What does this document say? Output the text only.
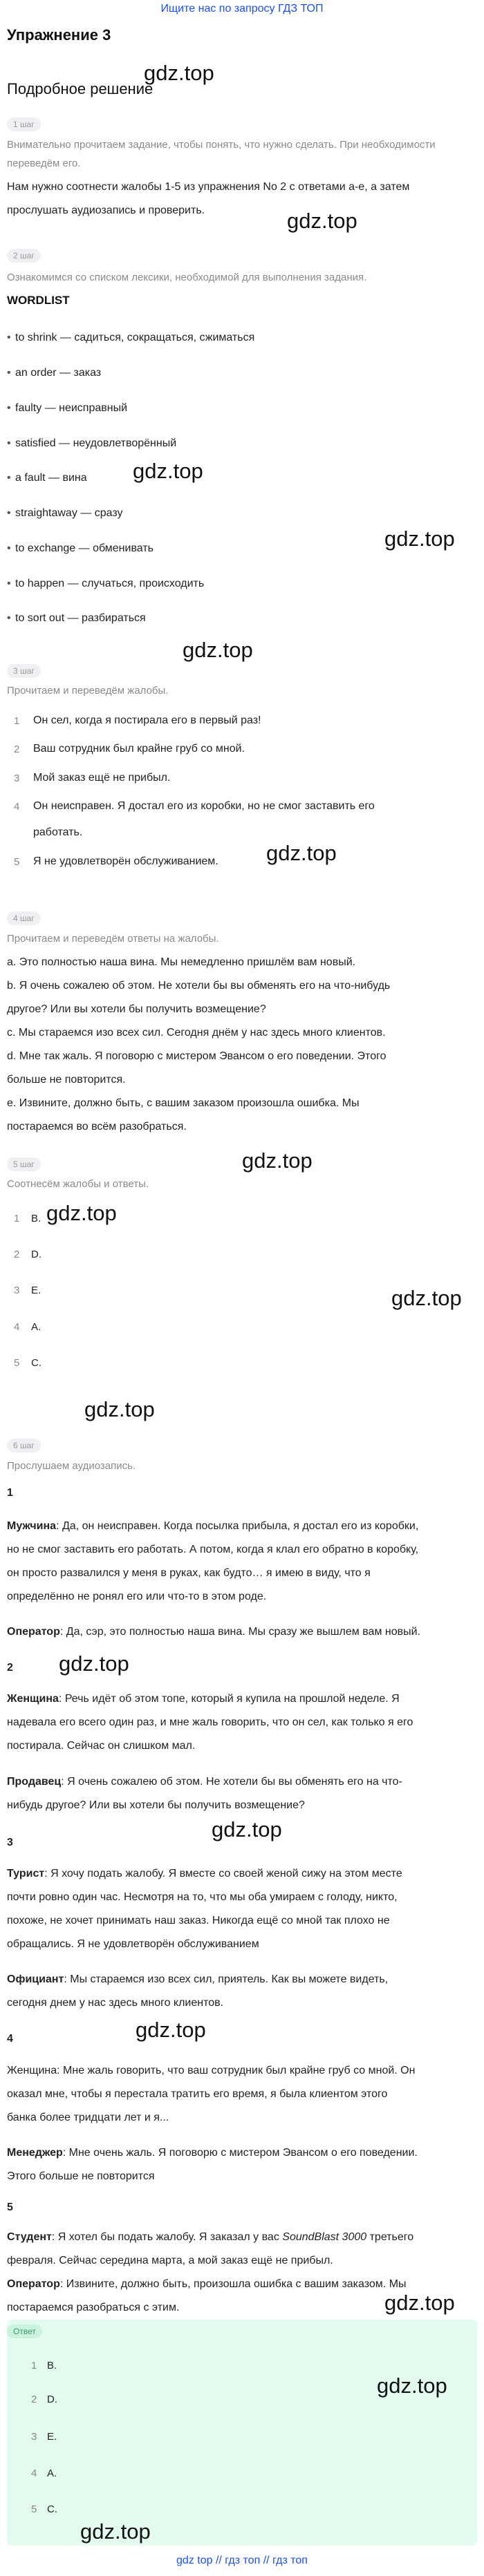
Ищите нас по запросу ГДЗ ТОП
Упражнение 3
gdz.top
Подробное решение
1 шаг
Внимательно прочитаем задание, чтобы понять, что нужно сделать. При необходимости
переведём его.
Нам нужно соотнести жалобы 1-5 из упражнения No 2 с ответами a-e, а затем
прослушать аудиозапись и проверить.	gdz.top
2 шаг
Ознакомимся со списком лексики, необходимой для выполнения задания.
WORDLIST
• to shrink — садиться, сокращаться, сжиматься
• an order — заказ
• faulty — неисправный
• satisfied — неудовлетворённый
• a fault — вина gdz.top
• straightaway — сразу
• to exchange — обменивать	gdz.top
• to happen — случаться, происходить
• to sort out — разбираться
gdz.top
3 шаг
Прочитаем и переведём жалобы.
1 Он сел, когда я постирала его в первый раз!
2 Ваш сотрудник был крайне груб со мной.
3 Мой заказ ещё не прибыл.
4 Он неисправен. Я достал его из коробки, но не смог заставить его
работать.
5 Я не удовлетворён обслуживанием.	gdz.top
4 шаг
Прочитаем и переведём ответы на жалобы.
a. Это полностью наша вина. Мы немедленно пришлём вам новый.
b. Я очень сожалею об этом. Не хотели бы вы обменять его на что-нибудь
другое? Или вы хотели бы получить возмещение?
c. Мы стараемся изо всех сил. Сегодня днём у нас здесь много клиентов.
d. Мне так жаль. Я поговорю с мистером Эвансом о его поведении. Этого
больше не повторится.
e. Извините, должно быть, с вашим заказом произошла ошибка. Мы
постараемся во всём разобраться.
gdz.top
5 шаг
Соотнесём жалобы и ответы.
1 B. gdz.top
2 D.
3 E.	gdz.top
4 A.
5 C.
gdz.top
6 шаг
Прослушаем аудиозапись.
1
Мужчина: Да, он неисправен. Когда посылка прибыла, я достал его из коробки,
но не смог заставить его работать. А потом, когда я клал его обратно в коробку,
он просто развалился у меня в руках, как будто… я имею в виду, что я
определённо не ронял его или что-то в этом роде.
Оператор: Да, сэр, это полностью наша вина. Мы сразу же вышлем вам новый.
2 gdz.top
Женщина: Речь идёт об этом топе, который я купила на прошлой неделе. Я
надевала его всего один раз, и мне жаль говорить, что он сел, как только я его
постирала. Сейчас он слишком мал.
Продавец: Я очень сожалею об этом. Не хотели бы вы обменять его на что-
нибудь другое? Или вы хотели бы получить возмещение?
gdz.top
3
Турист: Я хочу подать жалобу. Я вместе со своей женой сижу на этом месте
почти ровно один час. Несмотря на то, что мы оба умираем с голоду, никто,
похоже, не хочет принимать наш заказ. Никогда ещё со мной так плохо не
обращались. Я не удовлетворён обслуживанием
Официант: Мы стараемся изо всех сил, приятель. Как вы можете видеть,
сегодня днем у нас здесь много клиентов.
gdz.top
4
Женщина: Мне жаль говорить, что ваш сотрудник был крайне груб со мной. Он
оказал мне, чтобы я перестала тратить его время, я была клиентом этого
банка более тридцати лет и я...
Менеджер: Мне очень жаль. Я поговорю с мистером Эвансом о его поведении.
Этого больше не повторится
5
Студент: Я хотел бы подать жалобу. Я заказал у вас SoundBlast 3000 третьего
февраля. Сейчас середина марта, а мой заказ ещё не прибыл.
Оператор: Извините, должно быть, произошла ошибка с вашим заказом. Мы
постараемся разобраться с этим.	gdz.top
Ответ
1 B.
2 D.
gdz.top
3 E.
4 A.
5 C.
gdz.top
gdz top // гдз топ // гдз топ
